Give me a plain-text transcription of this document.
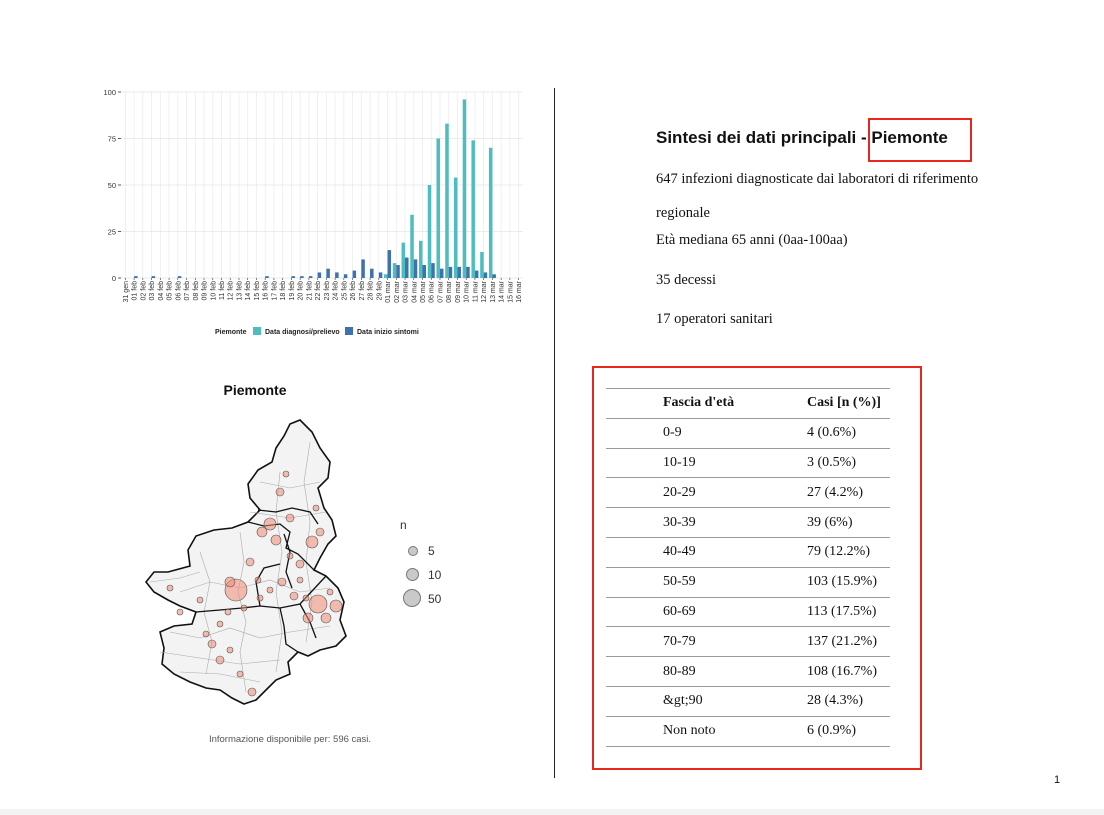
0
25
50
75
100
31 gen 01 feb 02 feb 03 feb 04 feb 05 feb 06 feb 07 feb 08 feb 09 feb 10 feb 11 feb 12 feb 13 feb 14 feb 15 feb 16 feb 17 feb 18 feb 19 feb 20 feb 21 feb 22 feb 23 feb 24 feb 25 feb 26 feb 27 feb 28 feb 29 feb 01 mar 02 mar 03 mar 04 mar 05 mar 06 mar 07 mar 08 mar 09 mar 10 mar 11 mar 12 mar 13 mar 14 mar 15 mar 16 mar
Piemonte	Data diagnosi/prelievo Data inizio sintomi
Piemonte
n
5
10
50
Informazione disponibile per: 596 casi.
Sintesi dei dati principali - Piemonte
647 infezioni diagnosticate dai laboratori di riferimento regionale
Età mediana 65 anni (0aa-100aa)
35 decessi
17 operatori sanitari
Fascia d'età	Casi [n (%)]
0-9	4 (0.6%)
10-19	3 (0.5%)
20-29	27 (4.2%)
30-39	39 (6%)
40-49	79 (12.2%)
50-59	103 (15.9%)
60-69	113 (17.5%)
70-79	137 (21.2%)
80-89	108 (16.7%)
&gt;90	28 (4.3%)
Non noto	6 (0.9%)
1
